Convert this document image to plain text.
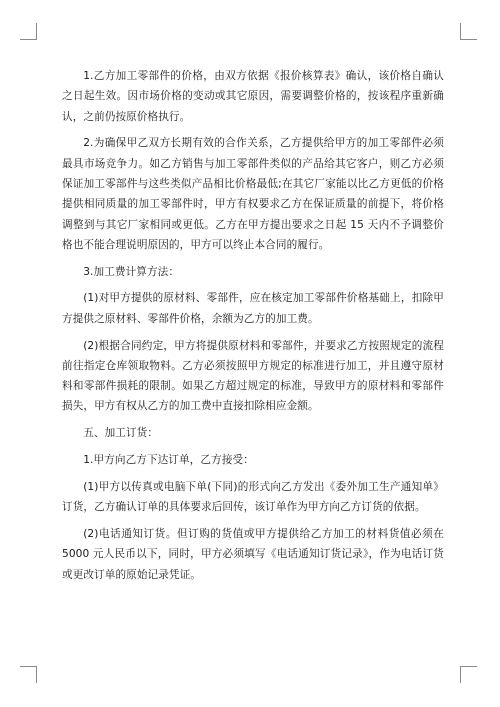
1.乙方加工零部件的价格，由双方依据《报价核算表》确认，该价格自确认之日起生效。因市场价格的变动或其它原因，需要调整价格的，按该程序重新确认，之前仍按原价格执行。

2.为确保甲乙双方长期有效的合作关系，乙方提供给甲方的加工零部件必须最具市场竞争力。如乙方销售与加工零部件类似的产品给其它客户，则乙方必须保证加工零部件与这些类似产品相比价格最低;在其它厂家能以比乙方更低的价格提供相同质量的加工零部件时，甲方有权要求乙方在保证质量的前提下，将价格调整到与其它厂家相同或更低。乙方在甲方提出要求之日起 15 天内不予调整价格也不能合理说明原因的，甲方可以终止本合同的履行。

3.加工费计算方法：

(1)对甲方提供的原材料、零部件，应在核定加工零部件价格基础上，扣除甲方提供之原材料、零部件价格，余额为乙方的加工费。

(2)根据合同约定，甲方将提供原材料和零部件，并要求乙方按照规定的流程前往指定仓库领取物料。乙方必须按照甲方规定的标准进行加工，并且遵守原材料和零部件损耗的限制。如果乙方超过规定的标准，导致甲方的原材料和零部件损失，甲方有权从乙方的加工费中直接扣除相应金额。

五、加工订货：

1.甲方向乙方下达订单，乙方接受：

(1)甲方以传真或电脑下单(下同)的形式向乙方发出《委外加工生产通知单》订货，乙方确认订单的具体要求后回传，该订单作为甲方向乙方订货的依据。

(2)电话通知订货。但订购的货值或甲方提供给乙方加工的材料货值必须在 5000 元人民币以下，同时，甲方必须填写《电话通知订货记录》，作为电话订货或更改订单的原始记录凭证。
